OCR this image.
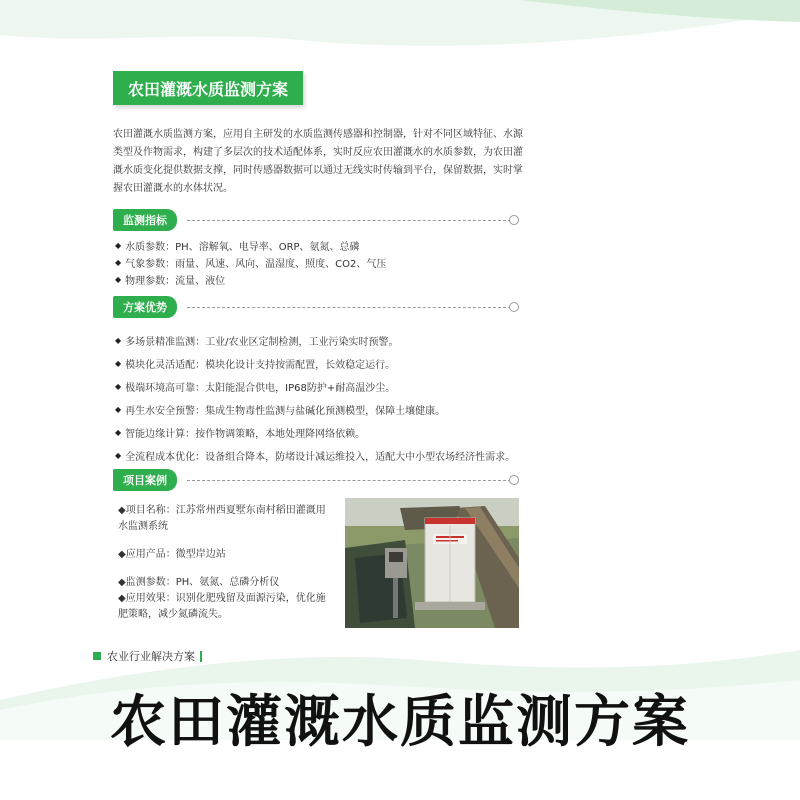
农田灌溉水质监测方案

农田灌溉水质监测方案，应用自主研发的水质监测传感器和控制器，针对不同区域特征、水源类型及作物需求，构建了多层次的技术适配体系，实时反应农田灌溉水的水质参数，为农田灌溉水质变化提供数据支撑，同时传感器数据可以通过无线实时传输到平台，保留数据，实时掌握农田灌溉水的水体状况。

监测指标
◆ 水质参数：PH、溶解氧、电导率、ORP、氨氮、总磷
◆ 气象参数：雨量、风速、风向、温湿度、照度、CO2、气压
◆ 物理参数：流量、液位
方案优势
◆ 多场景精准监测：工业/农业区定制检测，工业污染实时预警。
◆ 模块化灵活适配：模块化设计支持按需配置，长效稳定运行。
◆ 极端环境高可靠：太阳能混合供电，IP68防护+耐高温沙尘。
◆ 再生水安全预警：集成生物毒性监测与盐碱化预测模型，保障土壤健康。
◆ 智能边缘计算：按作物调策略，本地处理降网络依赖。
◆ 全流程成本优化：设备组合降本，防堵设计减运维投入，适配大中小型农场经济性需求。
项目案例
◆项目名称：江苏常州西夏墅东南村稻田灌溉用水监测系统
◆应用产品：微型岸边站
◆监测参数：PH、氨氮、总磷分析仪
◆应用效果：识别化肥残留及面源污染，优化施肥策略，减少氮磷流失。
农业行业解决方案
农田灌溉水质监测方案
